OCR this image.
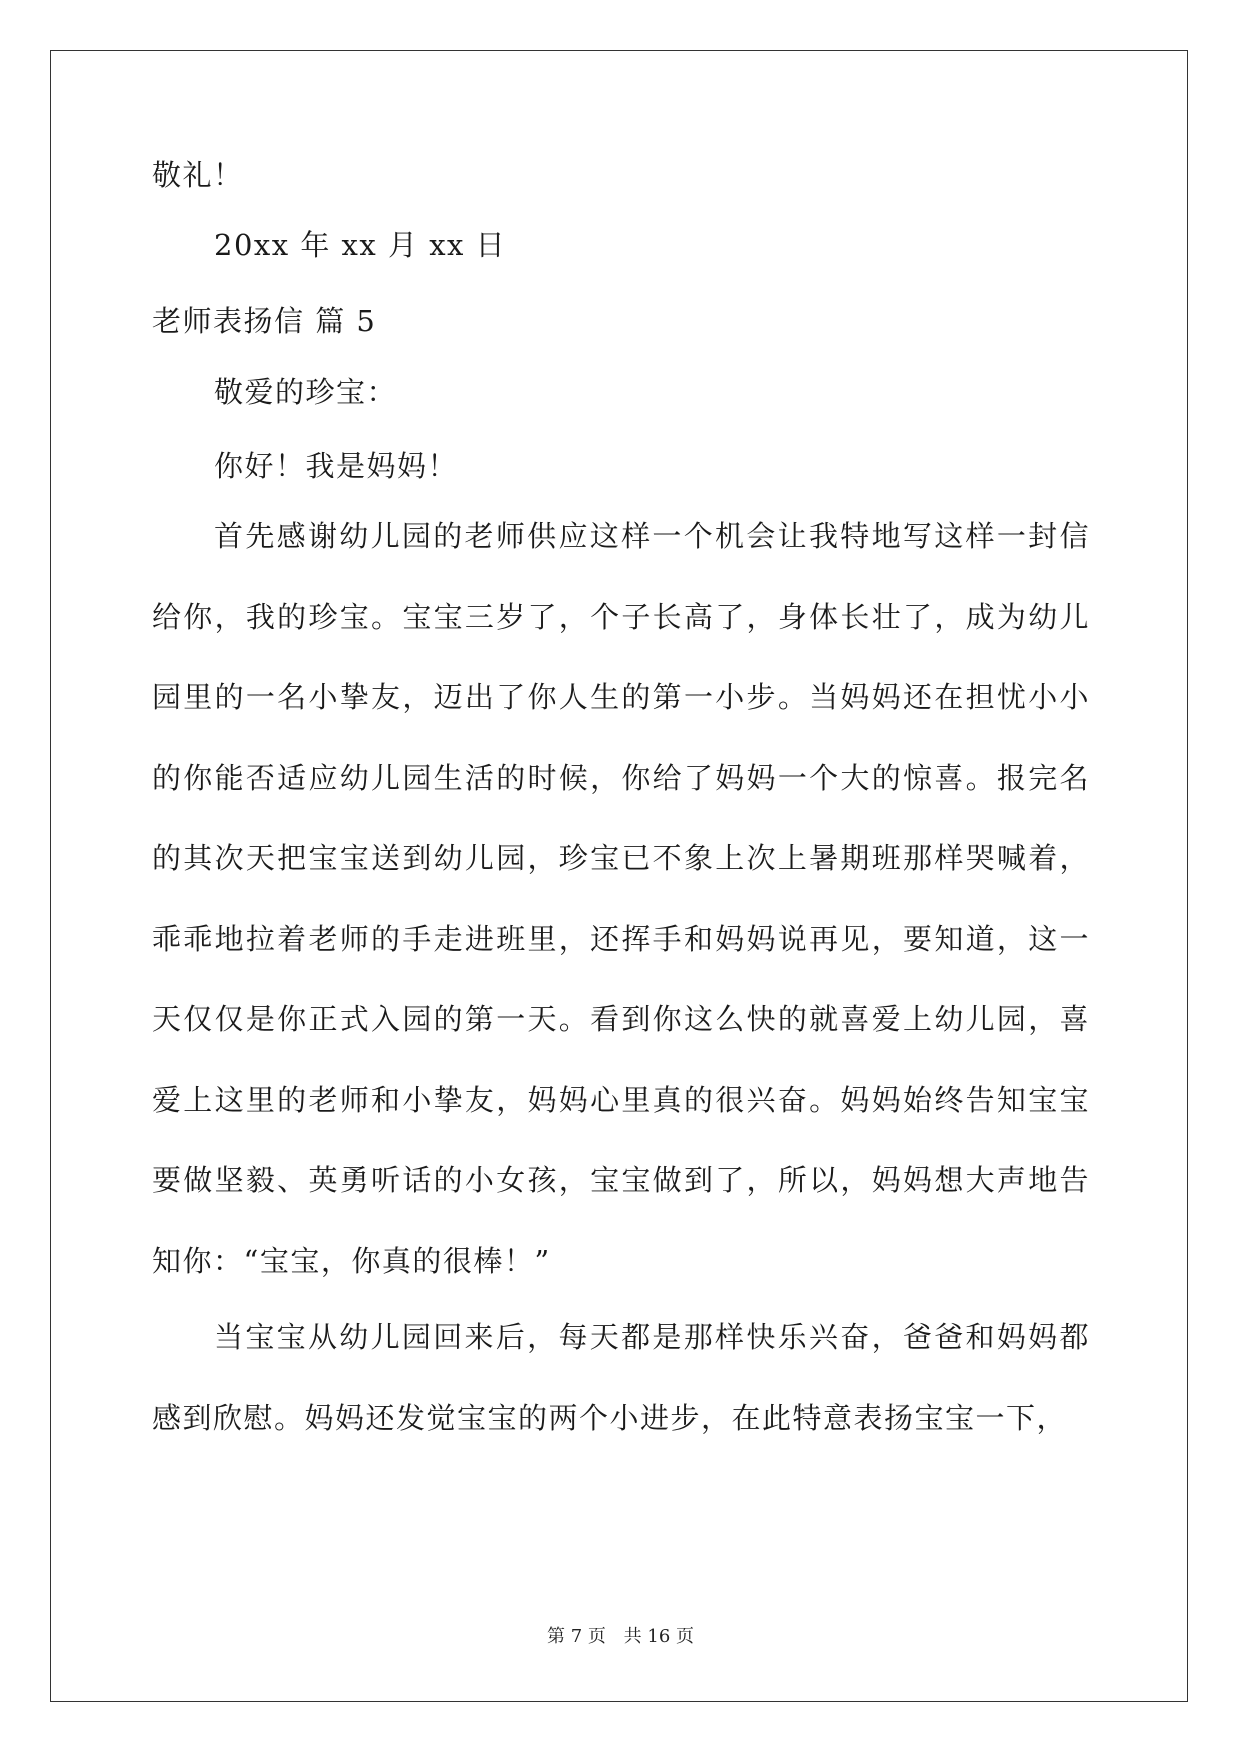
敬礼！
20xx 年 xx 月 xx 日
老师表扬信 篇 5
敬爱的珍宝：
你好！我是妈妈！
首先感谢幼儿园的老师供应这样一个机会让我特地写这样一封信给你，我的珍宝。宝宝三岁了，个子长高了，身体长壮了，成为幼儿园里的一名小挚友，迈出了你人生的第一小步。当妈妈还在担忧小小的你能否适应幼儿园生活的时候，你给了妈妈一个大的惊喜。报完名的其次天把宝宝送到幼儿园，珍宝已不象上次上暑期班那样哭喊着，乖乖地拉着老师的手走进班里，还挥手和妈妈说再见，要知道，这一天仅仅是你正式入园的第一天。看到你这么快的就喜爱上幼儿园，喜爱上这里的老师和小挚友，妈妈心里真的很兴奋。妈妈始终告知宝宝要做坚毅、英勇听话的小女孩，宝宝做到了，所以，妈妈想大声地告知你：“宝宝，你真的很棒！”
当宝宝从幼儿园回来后，每天都是那样快乐兴奋，爸爸和妈妈都感到欣慰。妈妈还发觉宝宝的两个小进步，在此特意表扬宝宝一下，
第 7 页 共 16 页
